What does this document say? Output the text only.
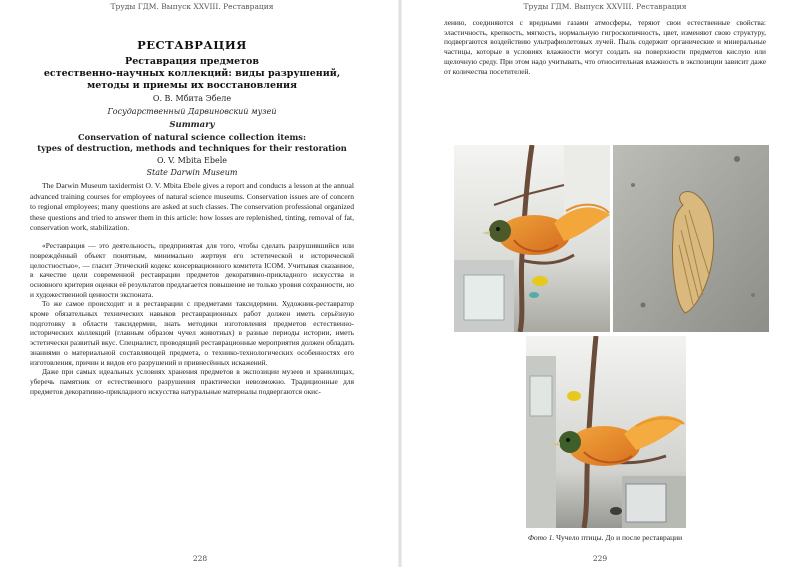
Труды ГДМ. Выпуск XXVIII. Реставрация
РЕСТАВРАЦИЯ
Реставрация предметов
естественно-научных коллекций: виды разрушений,
методы и приемы их восстановления
О. В. Мбита Эбеле
Государственный Дарвиновский музей
Summary
Conservation of natural science collection items:
types of destruction, methods and techniques for their restoration
O. V. Mbita Ebele
State Darwin Museum

The Darwin Museum taxidermist O. V. Mbita Ebele gives a report and conducts a lesson at the annual advanced training courses for employees of natural science museums. Conservation issues are of concern to regional employees; many questions are asked at such classes. The conservation professional organized these questions and tried to answer them in this article: how losses are replenished, tinting, removal of fat, conservation work, stabilization.

«Реставрация — это деятельность, предпринятая для того, чтобы сделать разрушившийся или повреждённый объект понятным, минимально жертвуя его эстетической и исторической целостностью», — гласит Этический кодекс консервационного комитета ICOM. Учитывая сказанное, в качестве цели современной реставрации предметов декоративно-прикладного искусства и основного критерия оценки её результатов предлагается повышение не только уровня сохранности, но и художественной ценности экспоната.

То же самое происходит и в реставрации с предметами таксидермии. Художник-реставратор кроме обязательных технических навыков реставрационных работ должен иметь серьёзную подготовку в области таксидермии, знать методики изготовления предметов естественно-исторических коллекций (главным образом чучел животных) в разные периоды истории, иметь эстетически развитый вкус. Специалист, проводящий реставрационные мероприятия должен обладать знаниями о материальной составляющей предмета, о технико-технологических особенностях его изготовления, причин и видов его разрушений и привнесённых искажений.

Даже при самых идеальных условиях хранения предметов в экспозиции музеев и хранилищах, уберечь памятник от естественного разрушения практически невозможно. Традиционные для предметов декоративно-прикладного искусства натуральные материалы подвергаются окис-

228
Труды ГДМ. Выпуск XXVIII. Реставрация

лению, соединяются с вредными газами атмосферы, теряют свои естественные свойства: эластичность, крепкость, мягкость, нормальную гигроскопичность, цвет, изменяют свою структуру, подвергаются воздействию ультрафиолетовых лучей. Пыль содержит органические и минеральные частицы, которые в условиях влажности могут создать на поверхности предметов кислую или щелочную среду. При этом надо учитывать, что относительная влажность в экспозиции зависит даже от количества посетителей.

Фото 1. Чучело птицы. До и после реставрации
229
